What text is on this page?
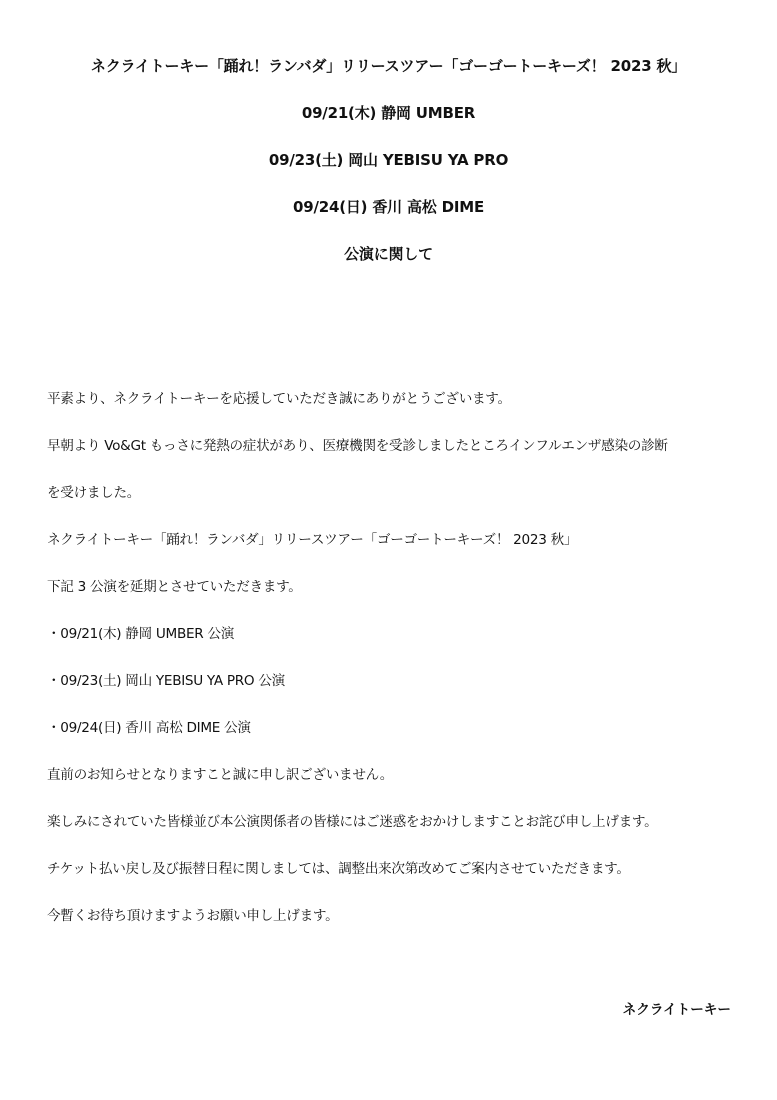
ネクライトーキー「踊れ！ランバダ」リリースツアー「ゴーゴートーキーズ！ 2023 秋」
09/21(木) 静岡 UMBER
09/23(土) 岡山 YEBISU YA PRO
09/24(日) 香川 高松 DIME
公演に関して
平素より、ネクライトーキーを応援していただき誠にありがとうございます。
早朝より Vo&Gt もっさに発熱の症状があり、医療機関を受診しましたところインフルエンザ感染の診断
を受けました。
ネクライトーキー「踊れ！ランバダ」リリースツアー「ゴーゴートーキーズ！ 2023 秋」
下記 3 公演を延期とさせていただきます。
・09/21(木) 静岡 UMBER 公演
・09/23(土) 岡山 YEBISU YA PRO 公演
・09/24(日) 香川 高松 DIME 公演
直前のお知らせとなりますこと誠に申し訳ございません。
楽しみにされていた皆様並び本公演関係者の皆様にはご迷惑をおかけしますことお詫び申し上げます。
チケット払い戻し及び振替日程に関しましては、調整出来次第改めてご案内させていただきます。
今暫くお待ち頂けますようお願い申し上げます。
ネクライトーキー
